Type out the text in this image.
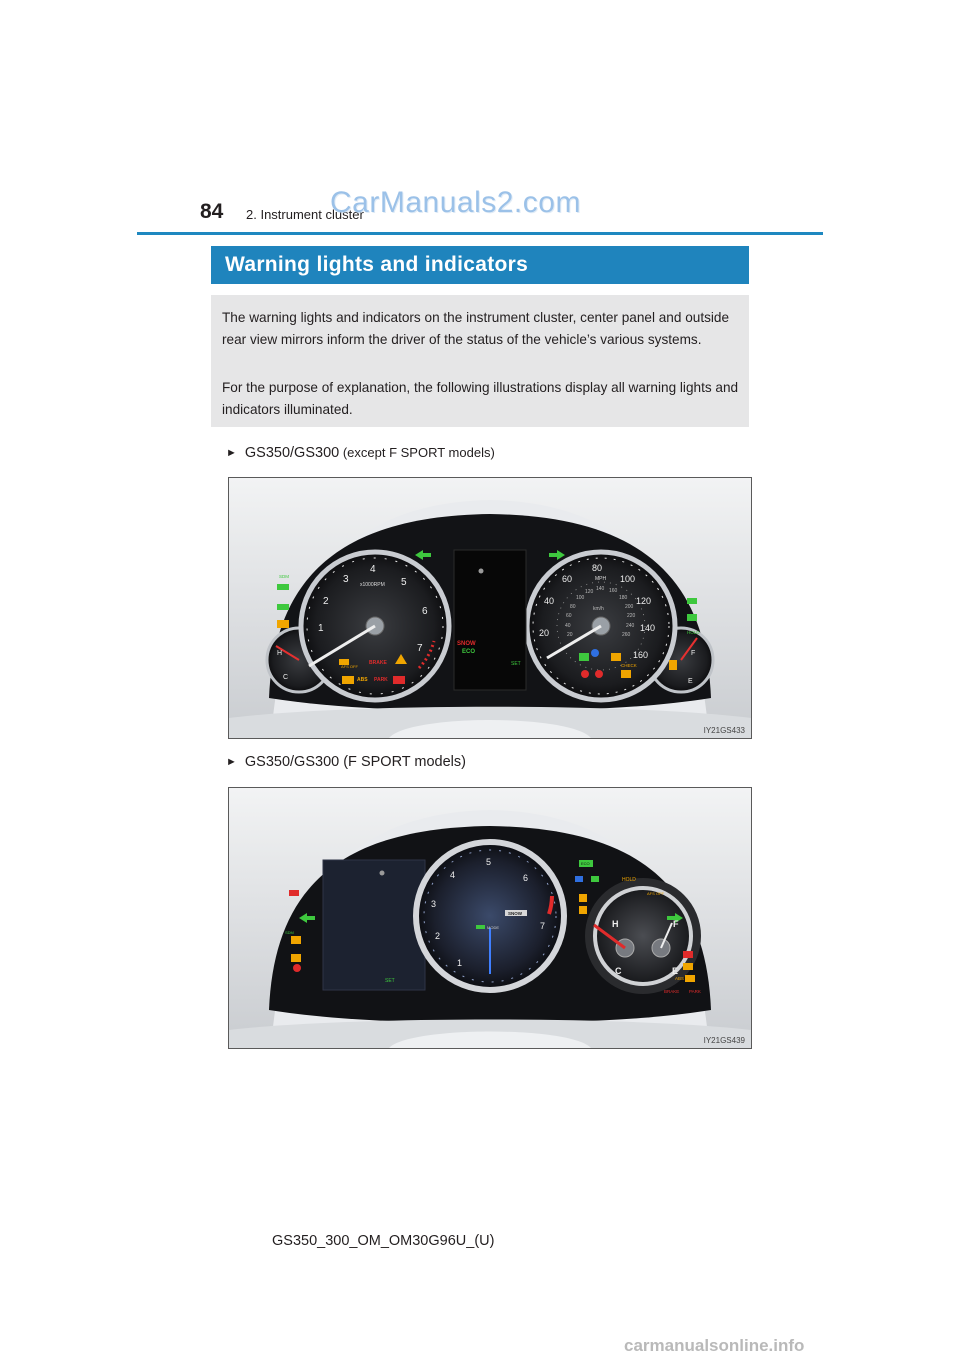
84 2. Instrument cluster
CarManuals2.com
Warning lights and indicators
The warning lights and indicators on the instrument cluster, center panel and outside rear view mirrors inform the driver of the status of the vehicle’s various systems.
For the purpose of explanation, the following illustrations display all warning lights and indicators illuminated.
► GS350/GS300 (except F SPORT models)
1
2
3
4
5
6
7
x1000RPM
20
40
60
80
100
120
140
160
MPH
km/h
20
40
60
80
100
120 140 160
180
200
220
240
260
SNOW
ECO
SET
BRAKE
ABS PARK
HOLD
CHECK
AFS OFF
SDM
H
C
F
E
IY21GS433
► GS350/GS300 (F SPORT models)
1
2
3
4
5
6
7
SNOW
MODE
ECO
HOLD
SET	ABS
BRAKE PARK
SDM
AFS OFF
H
C
F
E
IY21GS439
GS350_300_OM_OM30G96U_(U)
carmanualsonline.info
